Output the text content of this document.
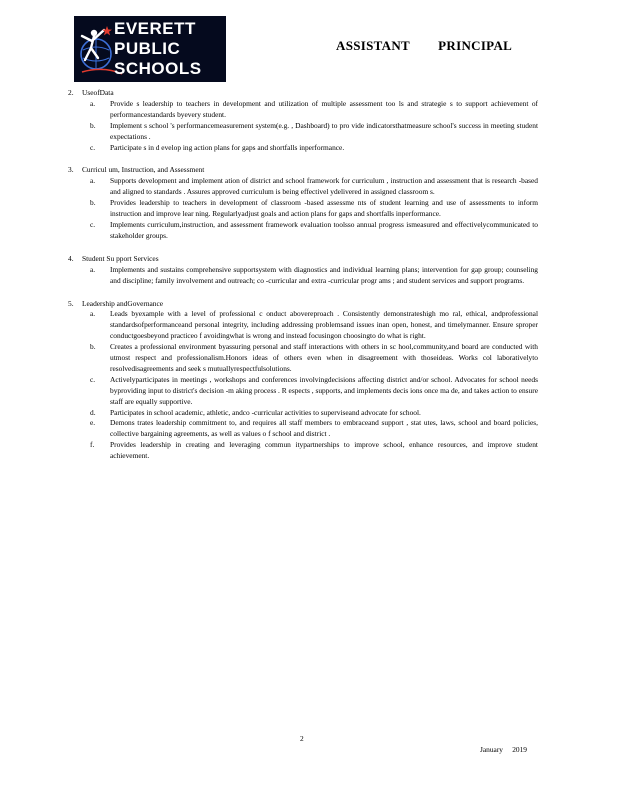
EVERETT
PUBLIC
SCHOOLS
ASSISTANT        PRINCIPAL
2.	UseofData
a.	Provide s leadership to teachers in development and utilization of multiple assessment too ls and strategie s to support achievement of performancestandards byevery student.
b.	Implement s school 's performancemeasurement system(e.g. , Dashboard) to pro vide indicatorsthatmeasure school's success in meeting student expectations .
c.	Participate s in d evelop ing action plans for gaps and shortfalls inperformance.
3.	Curricul um, Instruction, and Assessment
a.	Supports development and implement ation of district and school framework for curriculum , instruction and assessment that is research -based and aligned to standards . Assures approved curriculum is being effectivel ydelivered in assigned classroom s.
b.	Provides leadership to teachers in development of classroom -based assessme nts of student learning and use of assessments to inform instruction and improve lear ning. Regularlyadjust goals and action plans for gaps and shortfalls inperformance.
c.	Implements curriculum,instruction, and assessment framework evaluation toolsso annual progress ismeasured and effectivelycommunicated to stakeholder groups.
4.	Student Su pport Services
a.	Implements and sustains comprehensive supportsystem with diagnostics and individual learning plans; intervention for gap group; counseling and discipline; family involvement and outreach; co -curricular and extra -curricular progr ams ; and student services and support programs.
5.	Leadership andGovernance
a.	Leads byexample with a level of professional c onduct abovereproach . Consistently demonstrateshigh mo ral, ethical, andprofessional standardsofperformanceand personal integrity, including addressing problemsand issues inan open, honest, and timelymanner. Ensure sproper conductgoesbeyond practiceo f avoidingwhat is wrong and instead focusingon choosingto do what is right.
b.	Creates a professional environment byassuring personal and staff interactions with others in sc hool,community,and board are conducted with utmost respect and professionalism.Honors ideas of others even when in disagreement with thoseideas. Works col laborativelyto resolvedisagreements and seek s mutuallyrespectfulsolutions.
c.	Activelyparticipates in meetings , workshops and conferences involvingdecisions affecting district and/or school. Advocates for school needs byproviding input to district's decision -m aking process . R espects , supports, and implements decis ions once ma de, and takes action to ensure staff are equally supportive.
d.	Participates in school academic, athletic, andco -curricular activities to superviseand advocate for school.
e.	Demons trates leadership commitment to, and requires all staff members to embraceand support , stat utes, laws, school and board policies, collective bargaining agreements, as well as values o f school and district .
f.	Provides leadership in creating and leveraging commun itypartnerships to improve school, enhance resources, and improve student achievement.
2
January     2019
